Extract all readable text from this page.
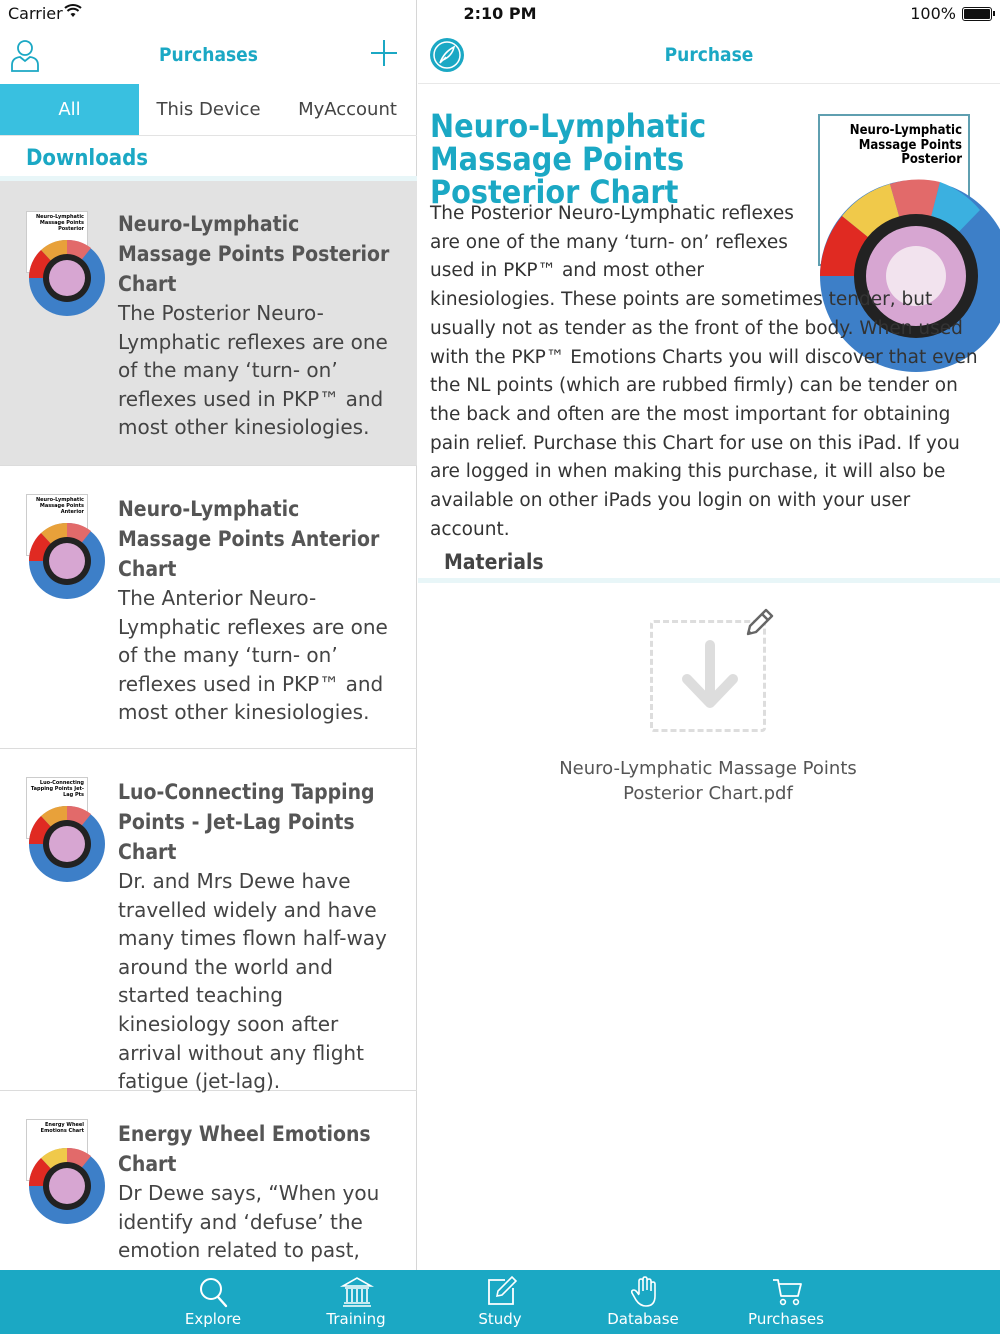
Carrier	2:10 PM	100%
Purchases
All	This Device	MyAccount
Downloads
Neuro-Lymphatic Massage Points Posterior Neuro-Lymphatic Massage Points Posterior Chart
The Posterior Neuro-Lymphatic reflexes are one of the many ‘turn- on’ reflexes used in PKP™ and most other kinesiologies.
Neuro-Lymphatic Massage Points Anterior Neuro-Lymphatic Massage Points Anterior Chart
The Anterior Neuro-Lymphatic reflexes are one of the many ‘turn- on’ reflexes used in PKP™ and most other kinesiologies.
Luo-Connecting Tapping Points Jet-Lag Pts Luo-Connecting Tapping Points - Jet-Lag Points Chart
Dr. and Mrs Dewe have travelled widely and have many times flown half-way around the world and started teaching kinesiology soon after arrival without any flight fatigue (jet-lag).
Energy Wheel Emotions Chart Energy Wheel Emotions Chart
Dr Dewe says, “When you identify and ‘defuse’ the emotion related to past,
Purchase
Neuro-Lymphatic Massage Points Posterior Chart
Neuro-Lymphatic Massage Points Posterior
The Posterior Neuro-Lymphatic reflexes are one of the many ‘turn- on’ reflexes used in PKP™ and most other
kinesiologies. These points are sometimes tender, but usually not as tender as the front of the body. When used with the PKP™ Emotions Charts you will discover that even the NL points (which are rubbed firmly) can be tender on the back and often are the most important for obtaining pain relief. Purchase this Chart for use on this iPad. If you are logged in when making this purchase, it will also be available on other iPads you login on with your user account.
Materials
Neuro-Lymphatic Massage Points Posterior Chart.pdf
Explore	Training	Study	Database	Purchases
